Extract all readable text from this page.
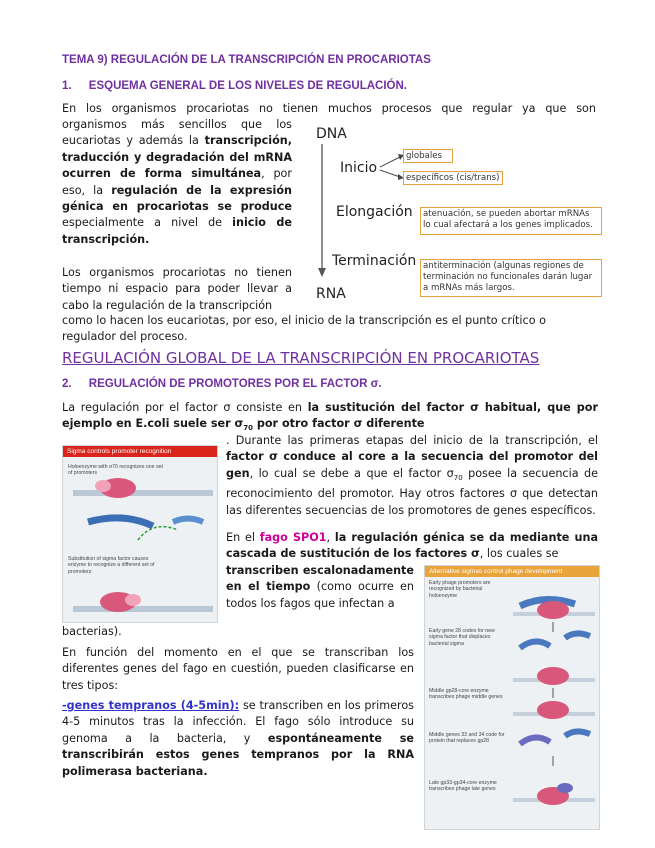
TEMA 9) REGULACIÓN DE LA TRANSCRIPCIÓN EN PROCARIOTAS
1. ESQUEMA GENERAL DE LOS NIVELES DE REGULACIÓN.
En los organismos procariotas no tienen muchos procesos que regular ya que son
organismos más sencillos que los eucariotas y además la transcripción, traducción y degradación del mRNA ocurren de forma simultánea, por eso, la regulación de la expresión génica en procariotas se produce especialmente a nivel de inicio de transcripción.
Los organismos procariotas no tienen tiempo ni espacio para poder llevar a cabo la regulación de la transcripción
como lo hacen los eucariotas, por eso, el inicio de la transcripción es el punto crítico o regulador del proceso.
DNA
Inicio
globales
específicos (cis/trans)
Elongación	atenuación, se pueden abortar mRNAs lo cual afectará a los genes implicados.
Terminación antiterminación (algunas regiones de terminación no funcionales darán lugar a mRNAs más largos.
RNA
REGULACIÓN GLOBAL DE LA TRANSCRIPCIÓN EN PROCARIOTAS
2. REGULACIÓN DE PROMOTORES POR EL FACTOR σ.
La regulación por el factor σ consiste en la sustitución del factor σ habitual, que por ejemplo en E.coli suele ser $\sigma_{70}$ por otro factor σ diferente
. Durante las primeras etapas del inicio de la transcripción, el factor σ conduce al core a la secuencia del promotor del gen, lo cual se debe a que el factor $\sigma_{70}$ posee la secuencia de reconocimiento del promotor. Hay otros factores σ que detectan las diferentes secuencias de los promotores de genes específicos.
Sigma controls promoter recognition
Holoenzyme with σ70 recognizes one set of promoters
Substitution of sigma factor causes enzyme to recognize a different set of promoters
En el fago SPO1, la regulación génica se da mediante una cascada de sustitución de los factores σ, los cuales se
transcriben escalonadamente en el tiempo (como ocurre en todos los fagos que infectan a
bacterias).
Alternative sigmas control phage development
Early phage promoters are recognized by bacterial holoenzyme
Early gene 28 codes for new sigma factor that displaces bacterial sigma
Middle gp28-core enzyme transcribes phage middle genes
Middle genes 33 and 34 code for protein that replaces gp28
Late gp33-gp34-core enzyme transcribes phage late genes
En función del momento en el que se transcriban los diferentes genes del fago en cuestión, pueden clasificarse en tres tipos:
-genes tempranos (4-5min): se transcriben en los primeros 4-5 minutos tras la infección. El fago sólo introduce su genoma a la bacteria, y espontáneamente se transcribirán estos genes tempranos por la RNA polimerasa bacteriana.
